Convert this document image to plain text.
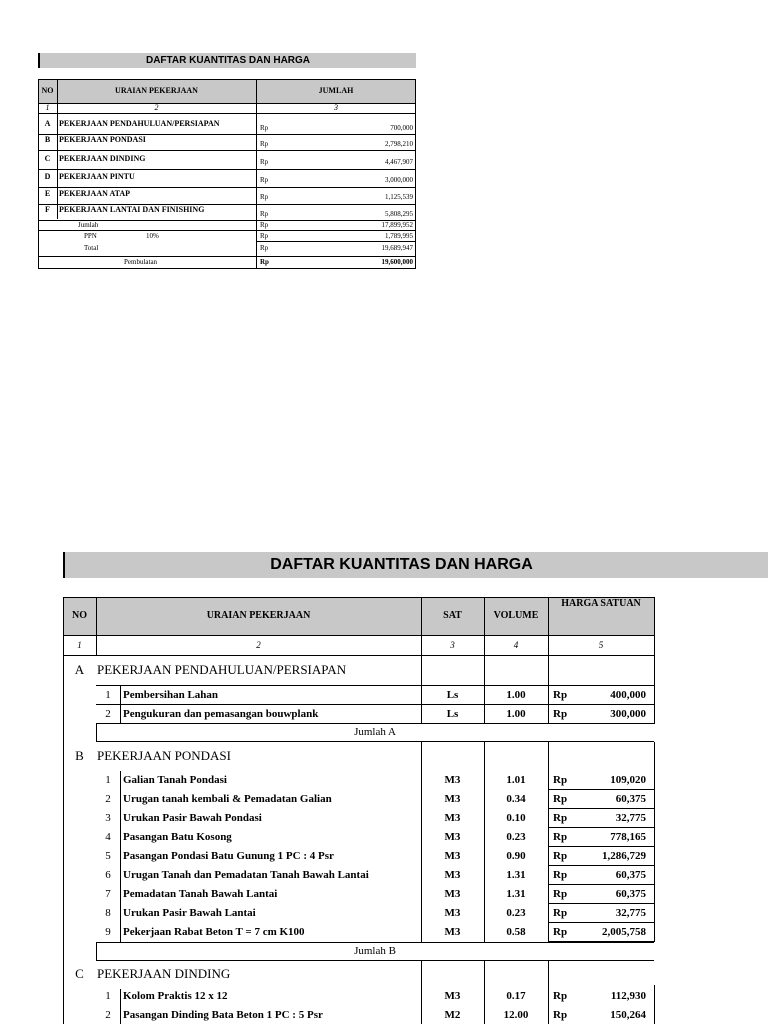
DAFTAR KUANTITAS DAN HARGA
NO	URAIAN PEKERJAAN	JUMLAH
1	2	3
A	PEKERJAAN PENDAHULUAN/PERSIAPAN	Rp	700,000
B	PEKERJAAN PONDASI	Rp	2,798,210
C	PEKERJAAN DINDING	Rp	4,467,907
D	PEKERJAAN PINTU	Rp	3,000,000
E	PEKERJAAN ATAP	Rp	1,125,539
F	PEKERJAAN LANTAI DAN FINISHING	Rp	5,808,295
Jumlah	Rp	17,899,952
PPN	10%	Rp	1,789,995
Total	Rp	19,689,947
Pembulatan	Rp	19,600,000
DAFTAR KUANTITAS DAN HARGA
NO	URAIAN PEKERJAAN	SAT	VOLUME
HARGA SATUAN
1	2	3	4	5
A PEKERJAAN PENDAHULUAN/PERSIAPAN
1	Pembersihan Lahan	Ls	1.00	Rp	400,000
2	Pengukuran dan pemasangan bouwplank	Ls	1.00	Rp	300,000
Jumlah A
B	PEKERJAAN PONDASI
1	Galian Tanah Pondasi	M3	1.01	Rp	109,020
2	Urugan tanah kembali & Pemadatan Galian	M3	0.34	Rp	60,375
3	Urukan Pasir Bawah Pondasi	M3	0.10	Rp	32,775
4	Pasangan Batu Kosong	M3	0.23	Rp	778,165
5	Pasangan Pondasi Batu Gunung 1 PC : 4 Psr	M3	0.90	Rp	1,286,729
6	Urugan Tanah dan Pemadatan Tanah Bawah Lantai	M3	1.31	Rp	60,375
7	Pemadatan Tanah Bawah Lantai	M3	1.31	Rp	60,375
8	Urukan Pasir Bawah Lantai	M3	0.23	Rp	32,775
9	Pekerjaan Rabat Beton T = 7 cm K100	M3	0.58	Rp	2,005,758
Jumlah B
C	PEKERJAAN DINDING
1	Kolom Praktis 12 x 12	M3	0.17	Rp	112,930
2	Pasangan Dinding Bata Beton 1 PC : 5 Psr	M2	12.00	Rp	150,264
